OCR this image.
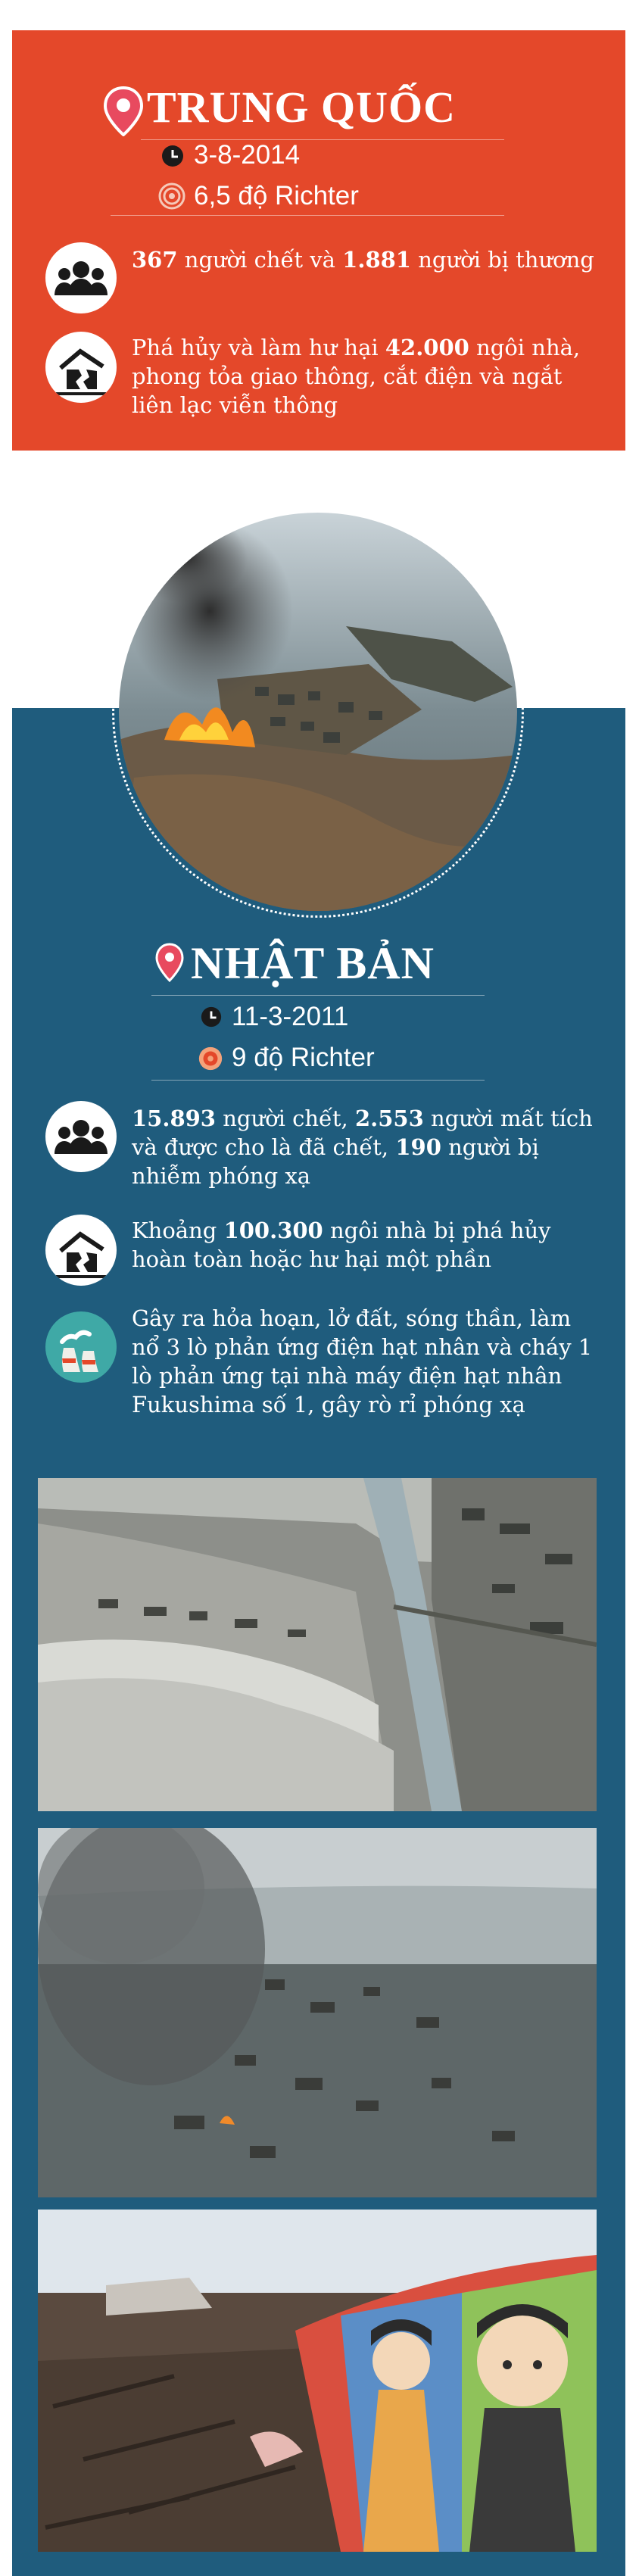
TRUNG QUỐC
3-8-2014
6,5 độ Richter
367 người chết và 1.881 người bị thương
Phá hủy và làm hư hại 42.000 ngôi nhà, phong tỏa giao thông, cắt điện và ngắt liên lạc viễn thông
NHẬT BẢN
11-3-2011
9 độ Richter
15.893 người chết, 2.553 người mất tích và được cho là đã chết, 190 người bị nhiễm phóng xạ
Khoảng 100.300 ngôi nhà bị phá hủy hoàn toàn hoặc hư hại một phần
Gây ra hỏa hoạn, lở đất, sóng thần, làm nổ 3 lò phản ứng điện hạt nhân và cháy 1 lò phản ứng tại nhà máy điện hạt nhân Fukushima số 1, gây rò rỉ phóng xạ
